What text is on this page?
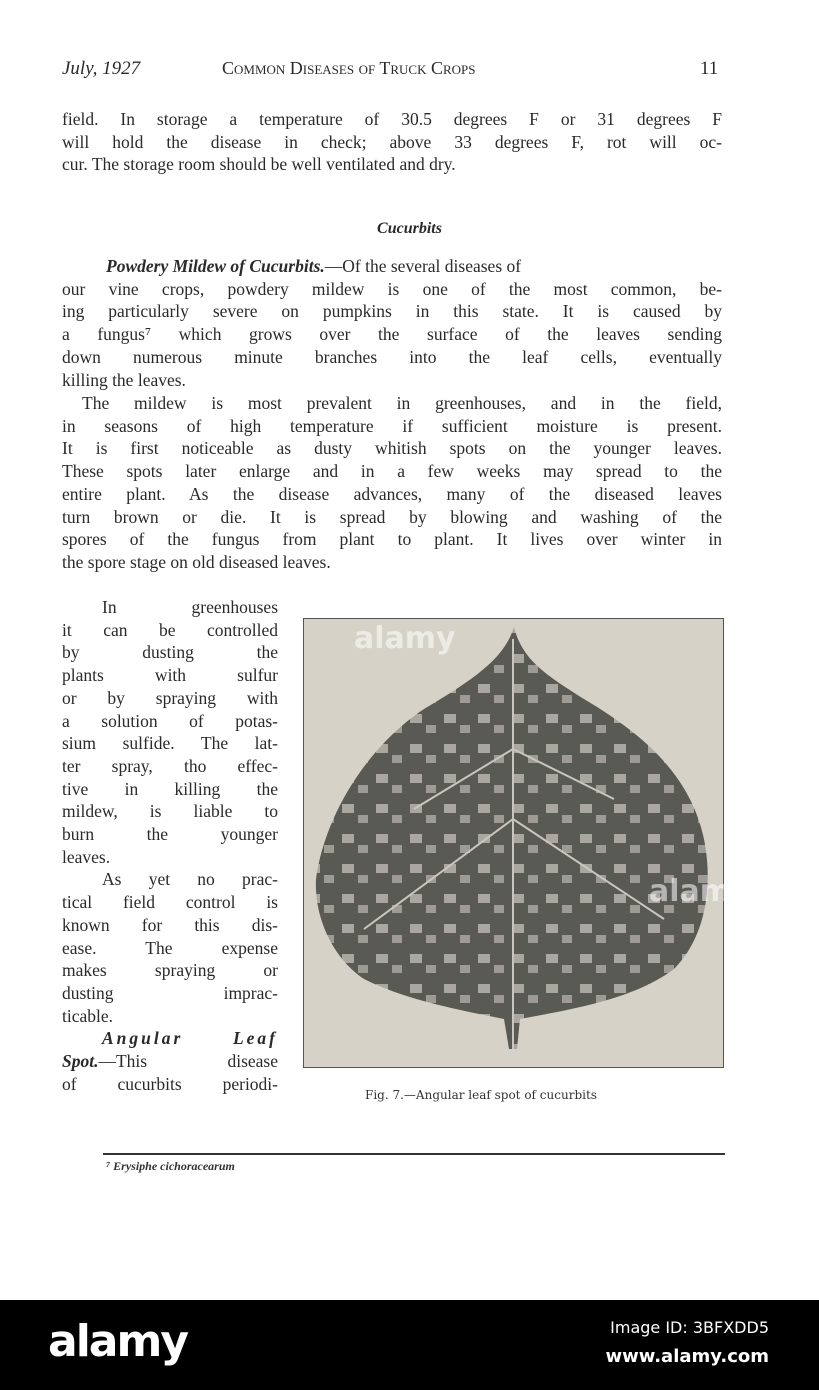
July, 1927	Common Diseases of Truck Crops	11
field. In storage a temperature of 30.5 degrees F or 31 degrees F
will hold the disease in check; above 33 degrees F, rot will oc-
cur. The storage room should be well ventilated and dry.
Cucurbits
Powdery Mildew of Cucurbits.—Of the several diseases of
our vine crops, powdery mildew is one of the most common, be-
ing particularly severe on pumpkins in this state. It is caused by
a fungus⁷ which grows over the surface of the leaves sending
down numerous minute branches into the leaf cells, eventually
killing the leaves.
The mildew is most prevalent in greenhouses, and in the field,
in seasons of high temperature if sufficient moisture is present.
It is first noticeable as dusty whitish spots on the younger leaves.
These spots later enlarge and in a few weeks may spread to the
entire plant. As the disease advances, many of the diseased leaves
turn brown or die. It is spread by blowing and washing of the
spores of the fungus from plant to plant. It lives over winter in
the spore stage on old diseased leaves.
In greenhouses
it can be controlled
by dusting the
plants with sulfur
or by spraying with
a solution of potas-
sium sulfide. The lat-
ter spray, tho effec-
tive in killing the
mildew, is liable to
burn the younger
leaves.
As yet no prac-
tical field control is
known for this dis-
ease. The expense
makes spraying or
dusting imprac-
ticable.
Angular Leaf
Spot.—This disease
of cucurbits periodi-
alamy
alamy
Fig. 7.—Angular leaf spot of cucurbits
⁷ Erysiphe cichoracearum
alamy	Image ID: 3BFXDD5
www.alamy.com
